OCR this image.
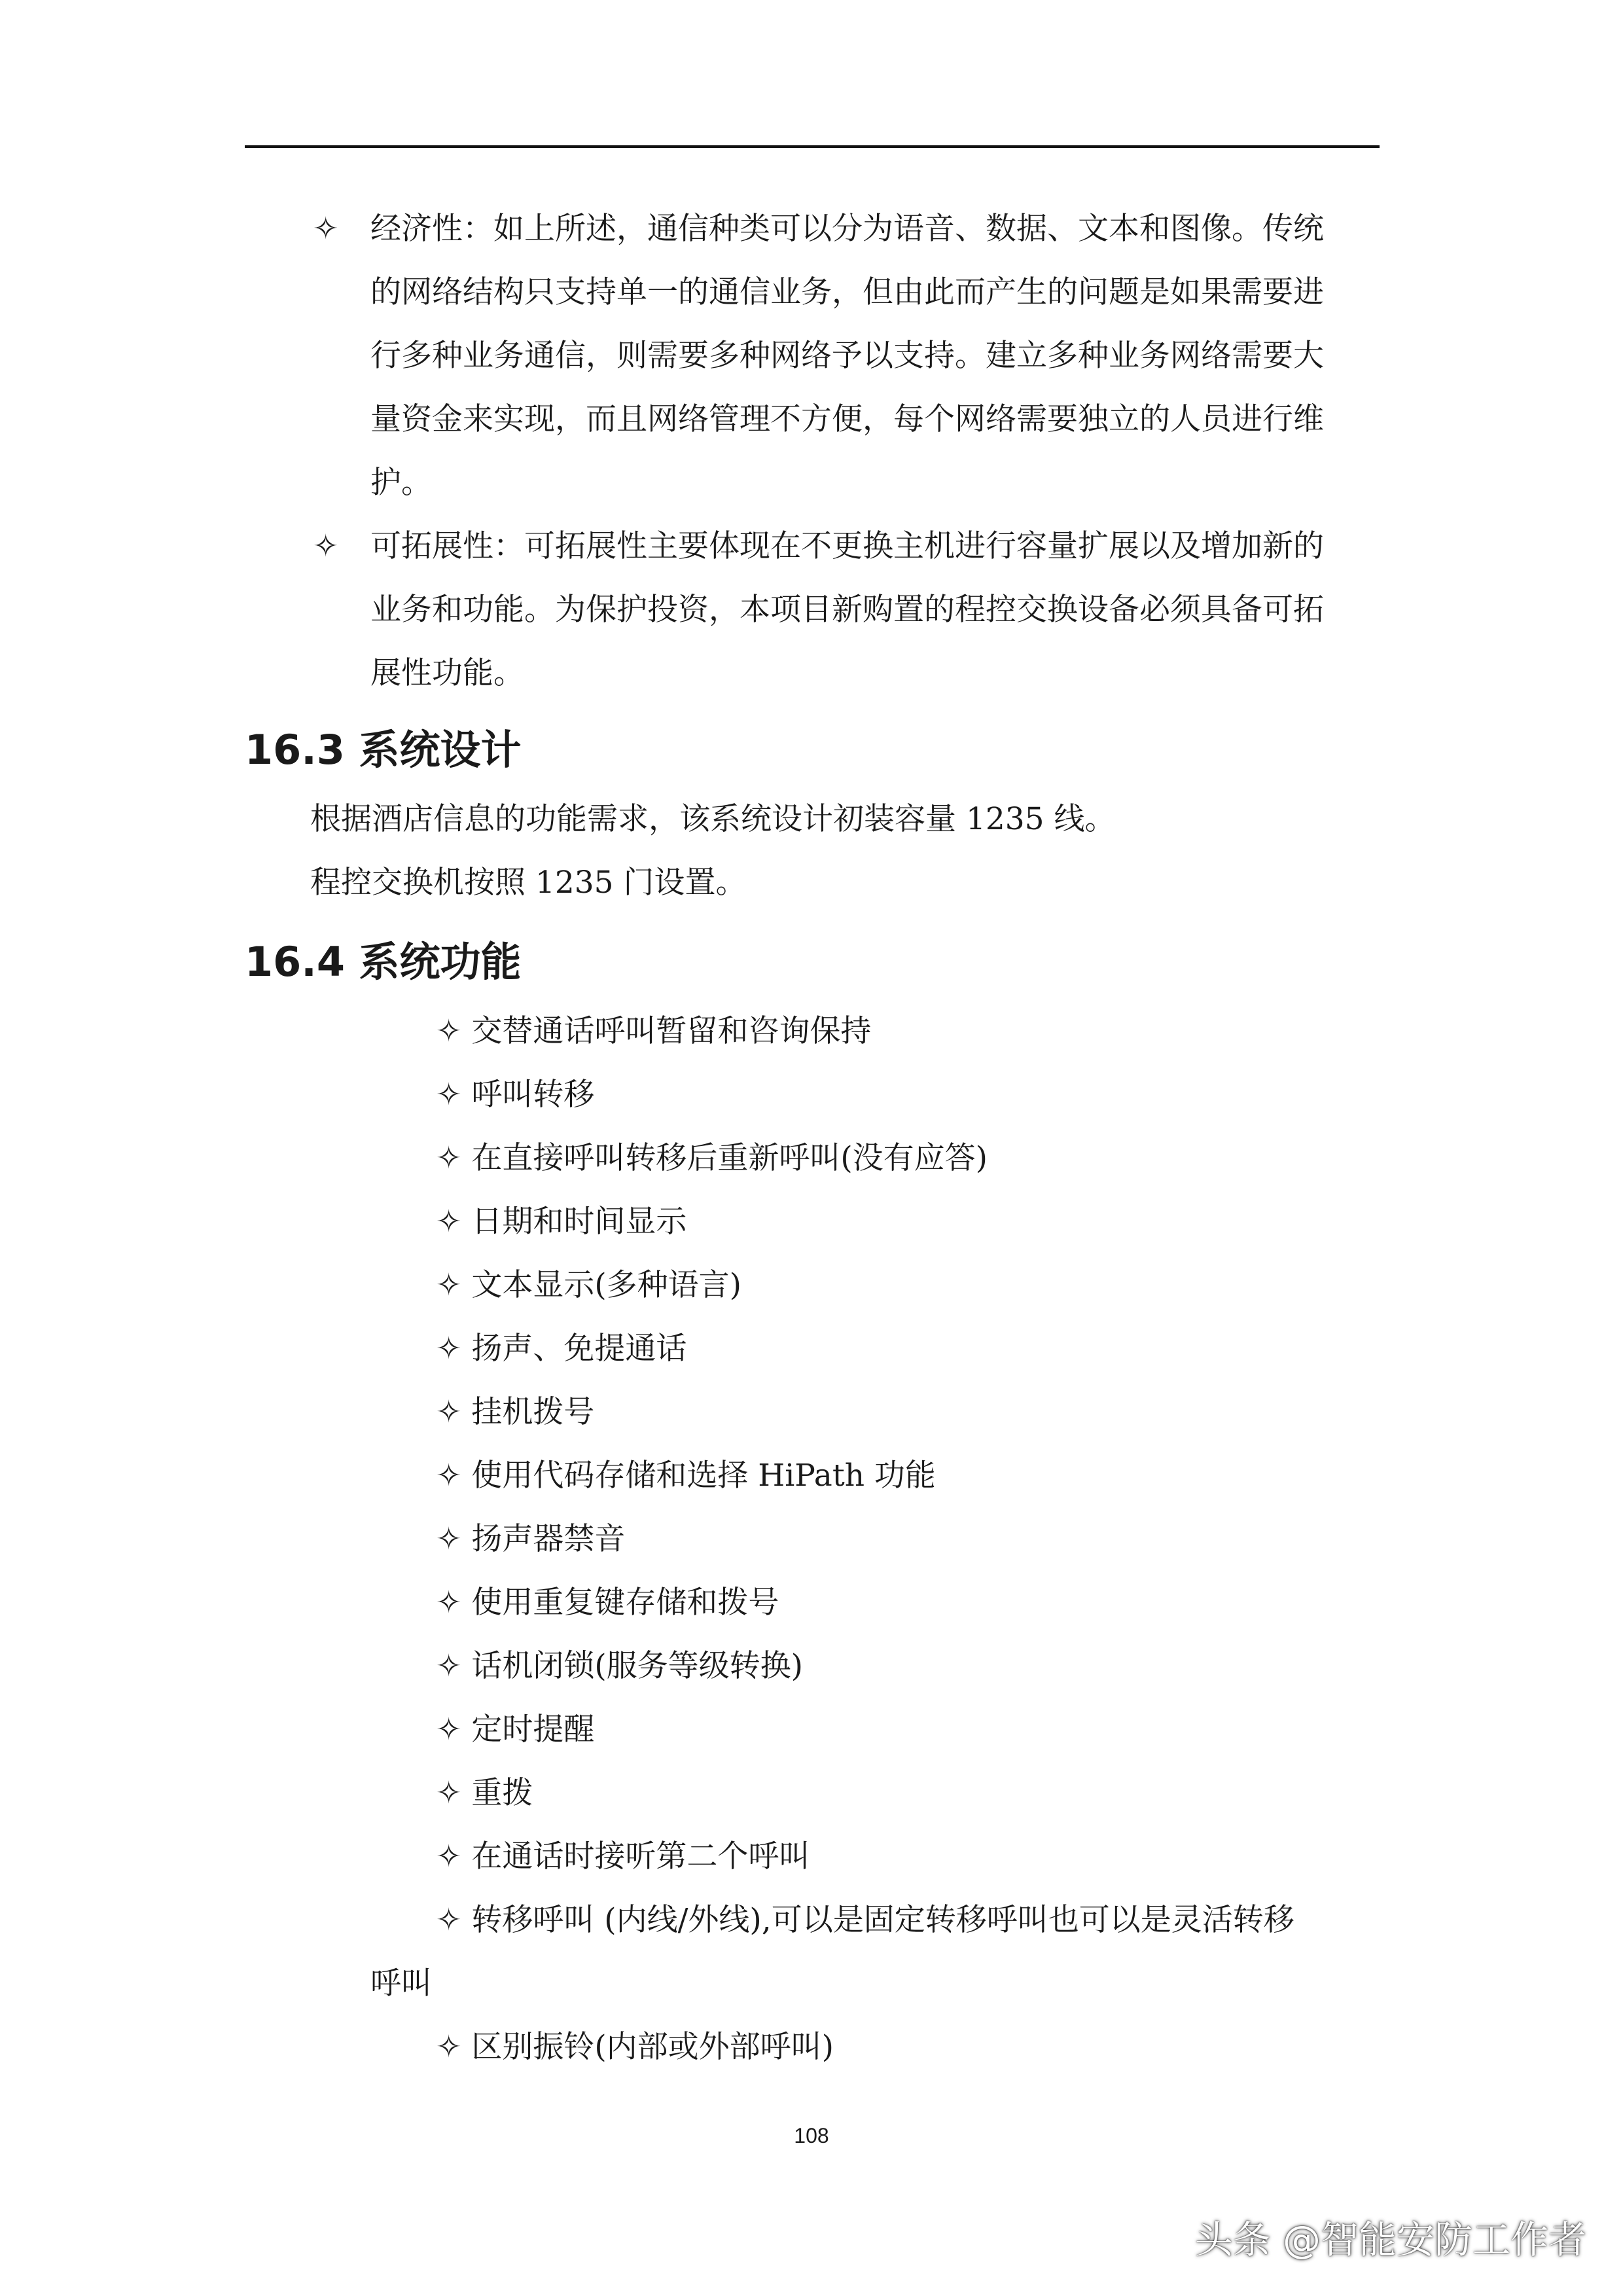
✧ 经济性：如上所述，通信种类可以分为语音、数据、文本和图像。传统
的网络结构只支持单一的通信业务，但由此而产生的问题是如果需要进
行多种业务通信，则需要多种网络予以支持。建立多种业务网络需要大
量资金来实现，而且网络管理不方便，每个网络需要独立的人员进行维
护。
✧ 可拓展性：可拓展性主要体现在不更换主机进行容量扩展以及增加新的
业务和功能。为保护投资，本项目新购置的程控交换设备必须具备可拓
展性功能。
16.3 系统设计
根据酒店信息的功能需求，该系统设计初装容量 1235 线。
程控交换机按照 1235 门设置。
16.4 系统功能
✧ 交替通话呼叫暂留和咨询保持
✧ 呼叫转移
✧ 在直接呼叫转移后重新呼叫(没有应答)
✧ 日期和时间显示
✧ 文本显示(多种语言)
✧ 扬声、免提通话
✧ 挂机拨号
✧ 使用代码存储和选择 HiPath 功能
✧ 扬声器禁音
✧ 使用重复键存储和拨号
✧ 话机闭锁(服务等级转换)
✧ 定时提醒
✧ 重拨
✧ 在通话时接听第二个呼叫
✧ 转移呼叫 (内线/外线),可以是固定转移呼叫也可以是灵活转移
呼叫
✧ 区别振铃(内部或外部呼叫)
108
头条 @智能安防工作者
